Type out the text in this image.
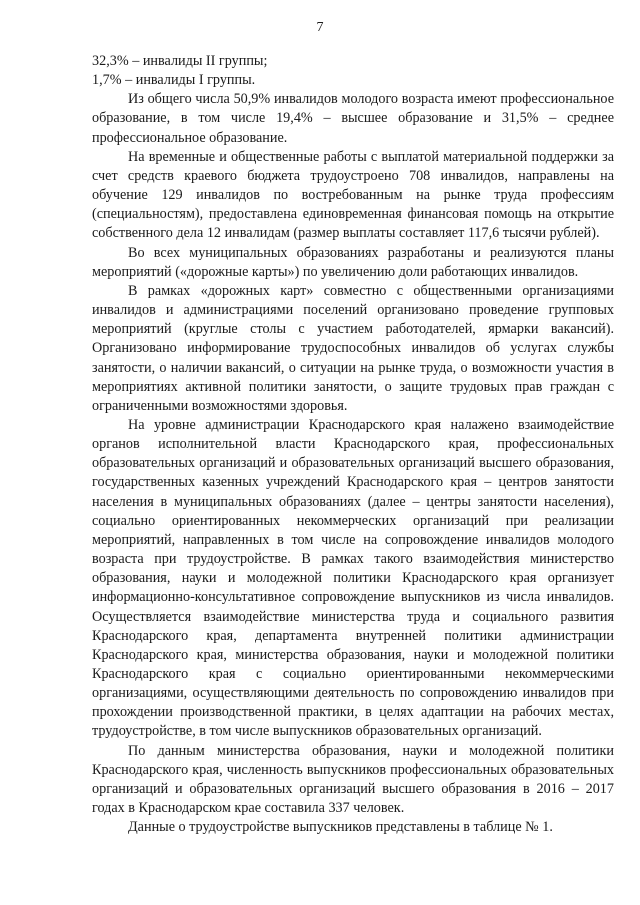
7

32,3% – инвалиды II группы;

1,7% – инвалиды I группы.

Из общего числа 50,9% инвалидов молодого возраста имеют профессиональное образование, в том числе 19,4% – высшее образование и 31,5% – среднее профессиональное образование.

На временные и общественные работы с выплатой материальной поддержки за счет средств краевого бюджета трудоустроено 708 инвалидов, направлены на обучение 129 инвалидов по востребованным на рынке труда профессиям (специальностям), предоставлена единовременная финансовая помощь на открытие собственного дела 12 инвалидам (размер выплаты составляет 117,6 тысячи рублей).

Во всех муниципальных образованиях разработаны и реализуются планы мероприятий («дорожные карты») по увеличению доли работающих инвалидов.

В рамках «дорожных карт» совместно с общественными организациями инвалидов и администрациями поселений организовано проведение групповых мероприятий (круглые столы с участием работодателей, ярмарки вакансий). Организовано информирование трудоспособных инвалидов об услугах службы занятости, о наличии вакансий, о ситуации на рынке труда, о возможности участия в мероприятиях активной политики занятости, о защите трудовых прав граждан с ограниченными возможностями здоровья.

На уровне администрации Краснодарского края налажено взаимодействие органов исполнительной власти Краснодарского края, профессиональных образовательных организаций и образовательных организаций высшего образования, государственных казенных учреждений Краснодарского края – центров занятости населения в муниципальных образованиях (далее – центры занятости населения), социально ориентированных некоммерческих организаций при реализации мероприятий, направленных в том числе на сопровождение инвалидов молодого возраста при трудоустройстве. В рамках такого взаимодействия министерство образования, науки и молодежной политики Краснодарского края организует информационно-консультативное сопровождение выпускников из числа инвалидов. Осуществляется взаимодействие министерства труда и социального развития Краснодарского края, департамента внутренней политики администрации Краснодарского края, министерства образования, науки и молодежной политики Краснодарского края с социально ориентированными некоммерческими организациями, осуществляющими деятельность по сопровождению инвалидов при прохождении производственной практики, в целях адаптации на рабочих местах, трудоустройстве, в том числе выпускников образовательных организаций.

По данным министерства образования, науки и молодежной политики Краснодарского края, численность выпускников профессиональных образовательных организаций и образовательных организаций высшего образования в 2016 – 2017 годах в Краснодарском крае составила 337 человек.

Данные о трудоустройстве выпускников представлены в таблице № 1.
